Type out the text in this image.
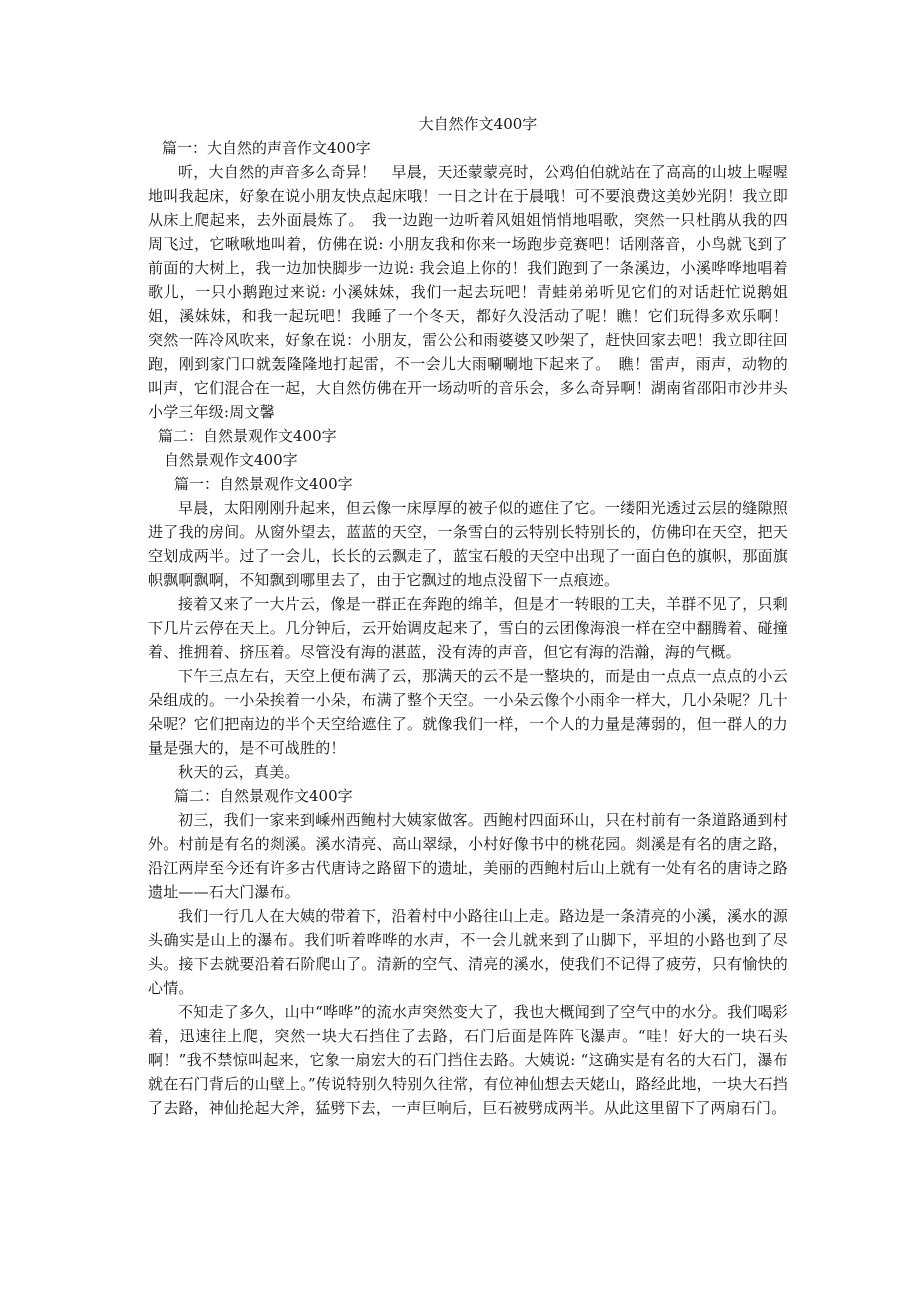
大自然作文400字
篇一：大自然的声音作文400字

听，大自然的声音多么奇异！　早晨，天还蒙蒙亮时，公鸡伯伯就站在了高高的山坡上喔喔地叫我起床，好象在说小朋友快点起床哦！一日之计在于晨哦！可不要浪费这美妙光阴！我立即从床上爬起来，去外面晨炼了。　我一边跑一边听着风姐姐悄悄地唱歌，突然一只杜鹃从我的四周飞过，它啾啾地叫着，仿佛在说: 小朋友我和你来一场跑步竞赛吧！话刚落音，小鸟就飞到了前面的大树上，我一边加快脚步一边说: 我会追上你的！我们跑到了一条溪边，小溪哗哗地唱着歌儿，一只小鹅跑过来说: 小溪妹妹，我们一起去玩吧！青蛙弟弟听见它们的对话赶忙说鹅姐姐，溪妹妹，和我一起玩吧！我睡了一个冬天，都好久没活动了呢！瞧！它们玩得多欢乐啊！　突然一阵冷风吹来，好象在说：小朋友，雷公公和雨婆婆又吵架了，赶快回家去吧！我立即往回跑，刚到家门口就轰隆隆地打起雷，不一会儿大雨唰唰地下起来了。　瞧！雷声，雨声，动物的叫声，它们混合在一起，大自然仿佛在开一场动听的音乐会，多么奇异啊！湖南省邵阳市沙井头小学三年级:周文馨

篇二：自然景观作文400字
自然景观作文400字
篇一：自然景观作文400字

早晨，太阳刚刚升起来，但云像一床厚厚的被子似的遮住了它。一缕阳光透过云层的缝隙照进了我的房间。从窗外望去，蓝蓝的天空，一条雪白的云特别长特别长的，仿佛印在天空，把天空划成两半。过了一会儿，长长的云飘走了，蓝宝石般的天空中出现了一面白色的旗帜，那面旗帜飘啊飘啊，不知飘到哪里去了，由于它飘过的地点没留下一点痕迹。

接着又来了一大片云，像是一群正在奔跑的绵羊，但是才一转眼的工夫，羊群不见了，只剩下几片云停在天上。几分钟后，云开始调皮起来了，雪白的云团像海浪一样在空中翻腾着、碰撞着、推拥着、挤压着。尽管没有海的湛蓝，没有涛的声音，但它有海的浩瀚，海的气概。

下午三点左右，天空上便布满了云，那满天的云不是一整块的，而是由一点点一点点的小云朵组成的。一小朵挨着一小朵，布满了整个天空。一小朵云像个小雨伞一样大，几小朵呢？几十朵呢？它们把南边的半个天空给遮住了。就像我们一样，一个人的力量是薄弱的，但一群人的力量是强大的，是不可战胜的！

秋天的云，真美。

篇二：自然景观作文400字

初三，我们一家来到嵊州西鲍村大姨家做客。西鲍村四面环山，只在村前有一条道路通到村外。村前是有名的剡溪。溪水清亮、高山翠绿，小村好像书中的桃花园。剡溪是有名的唐之路，沿江两岸至今还有许多古代唐诗之路留下的遗址，美丽的西鲍村后山上就有一处有名的唐诗之路遗址——石大门瀑布。

我们一行几人在大姨的带着下，沿着村中小路往山上走。路边是一条清亮的小溪，溪水的源头确实是山上的瀑布。我们听着哗哗的水声，不一会儿就来到了山脚下，平坦的小路也到了尽头。接下去就要沿着石阶爬山了。清新的空气、清亮的溪水，使我们不记得了疲劳，只有愉快的心情。

不知走了多久，山中“哗哗”的流水声突然变大了，我也大概闻到了空气中的水分。我们喝彩着，迅速往上爬，突然一块大石挡住了去路，石门后面是阵阵飞瀑声。“哇！好大的一块石头啊！”我不禁惊叫起来，它象一扇宏大的石门挡住去路。大姨说: “这确实是有名的大石门，瀑布就在石门背后的山壁上。”传说特别久特别久往常，有位神仙想去天姥山，路经此地，一块大石挡了去路，神仙抡起大斧，猛劈下去，一声巨响后，巨石被劈成两半。从此这里留下了两扇石门。
